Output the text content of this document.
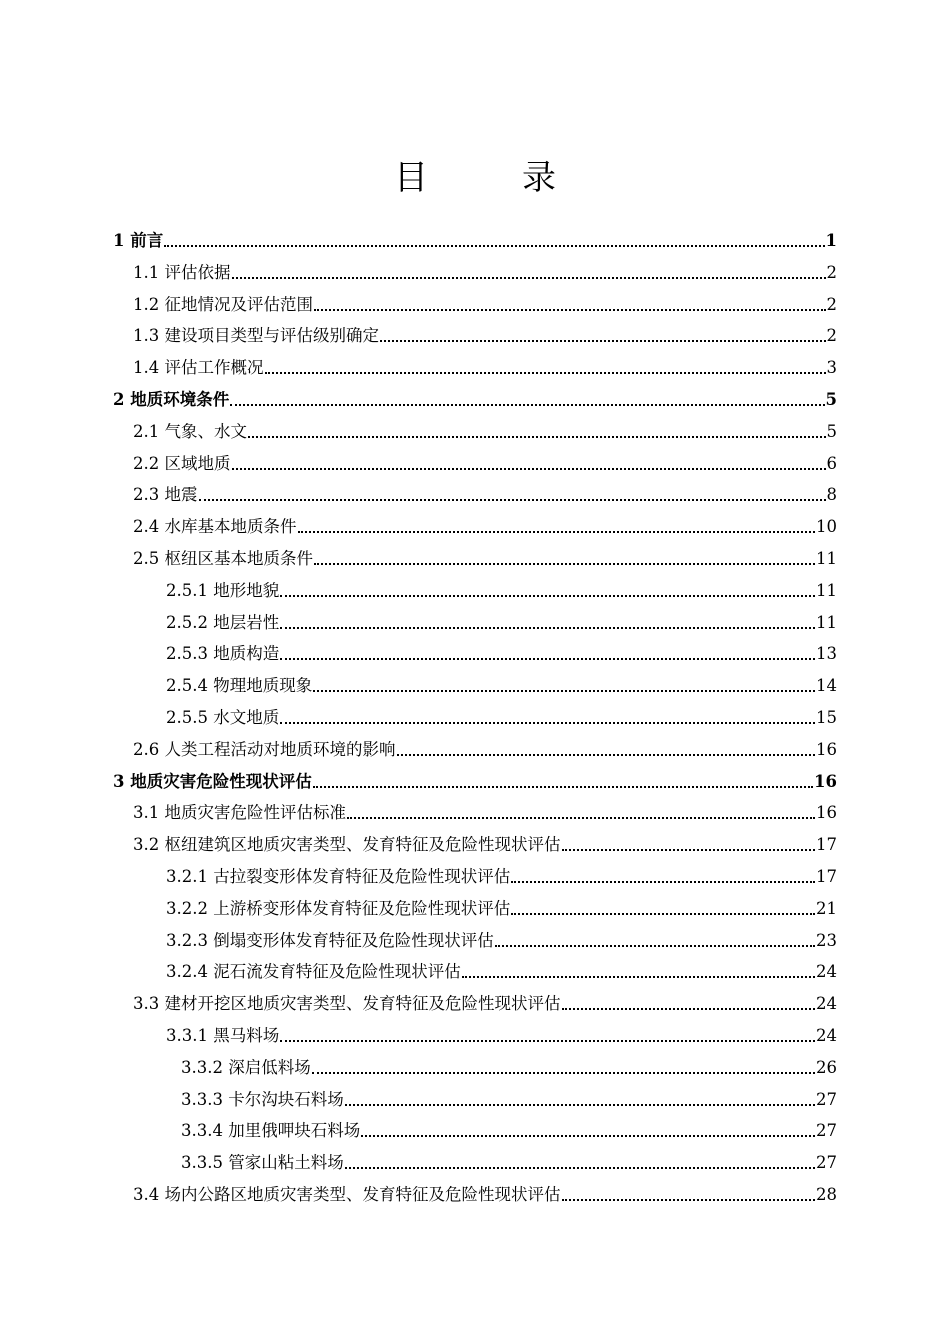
目　录
1 前言	1
1.1 评估依据	2
1.2 征地情况及评估范围	2
1.3 建设项目类型与评估级别确定	2
1.4 评估工作概况	3
2 地质环境条件	5
2.1 气象、水文	5
2.2 区域地质	6
2.3 地震	8
2.4 水库基本地质条件	10
2.5 枢纽区基本地质条件	11
2.5.1 地形地貌	11
2.5.2 地层岩性	11
2.5.3 地质构造	13
2.5.4 物理地质现象	14
2.5.5 水文地质	15
2.6 人类工程活动对地质环境的影响	16
3 地质灾害危险性现状评估	16
3.1 地质灾害危险性评估标准	16
3.2 枢纽建筑区地质灾害类型、发育特征及危险性现状评估	17
3.2.1 古拉裂变形体发育特征及危险性现状评估	17
3.2.2 上游桥变形体发育特征及危险性现状评估	21
3.2.3 倒塌变形体发育特征及危险性现状评估	23
3.2.4 泥石流发育特征及危险性现状评估	24
3.3 建材开挖区地质灾害类型、发育特征及危险性现状评估	24
3.3.1 黑马料场	24
3.3.2 深启低料场	26
3.3.3 卡尔沟块石料场	27
3.3.4 加里俄呷块石料场	27
3.3.5 管家山粘土料场	27
3.4 场内公路区地质灾害类型、发育特征及危险性现状评估	28
